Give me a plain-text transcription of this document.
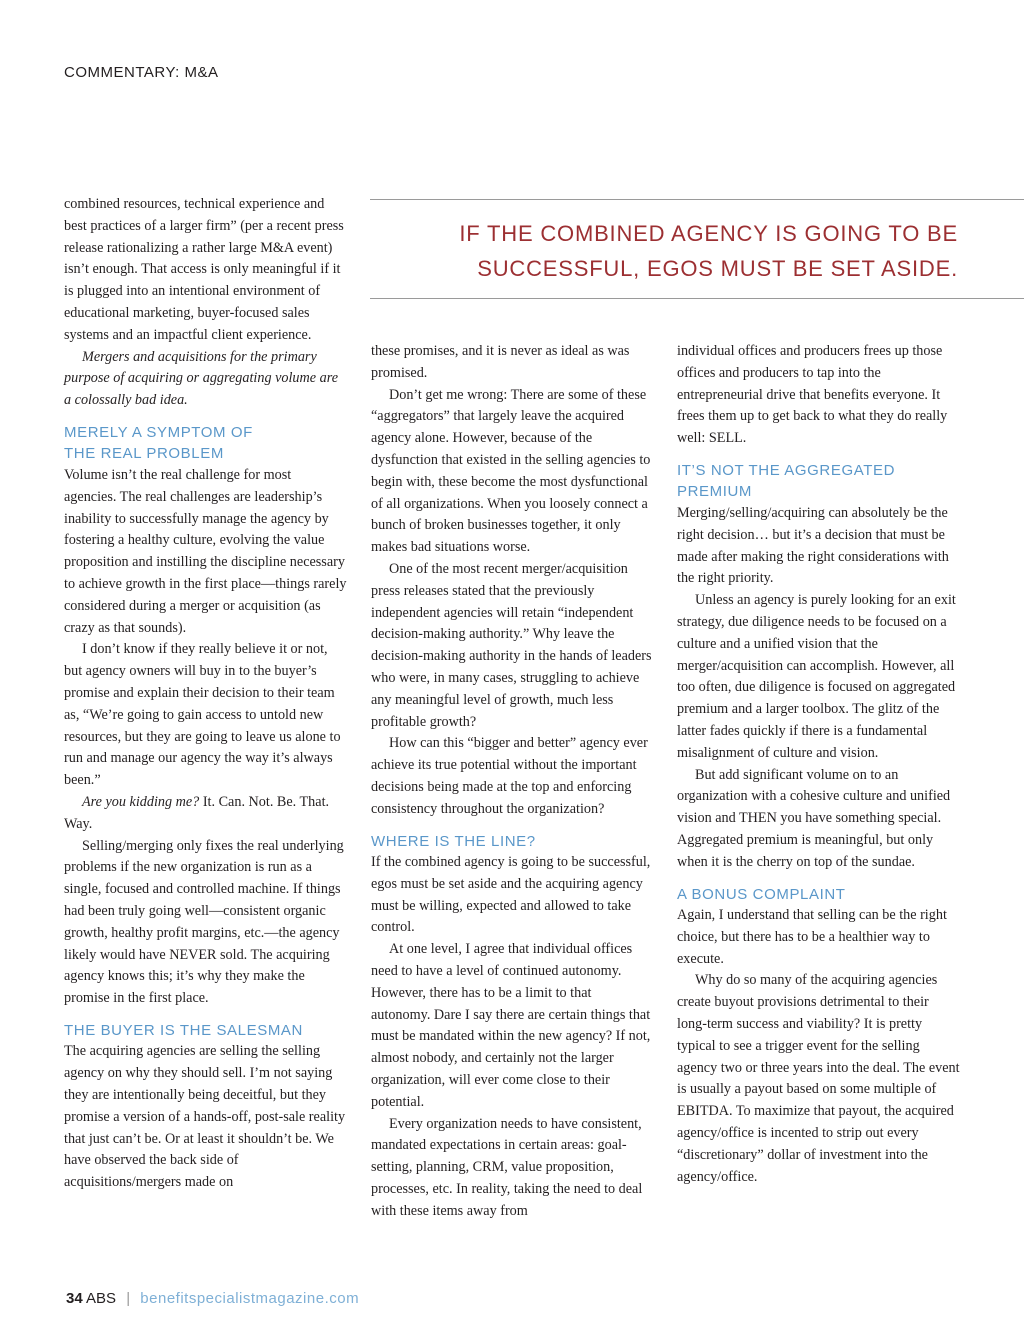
COMMENTARY: M&A
IF THE COMBINED AGENCY IS GOING TO BE
SUCCESSFUL, EGOS MUST BE SET ASIDE.

combined resources, technical experience and best practices of a larger firm” (per a recent press release rationalizing a rather large M&A event) isn’t enough. That access is only meaningful if it is plugged into an intentional environment of educational marketing, buyer-focused sales systems and an impactful client experience.

Mergers and acquisitions for the primary purpose of acquiring or aggregating volume are a colossally bad idea.

MERELY A SYMPTOM OF THE REAL PROBLEM

Volume isn’t the real challenge for most agencies. The real challenges are leadership’s inability to successfully manage the agency by fostering a healthy culture, evolving the value proposition and instilling the discipline necessary to achieve growth in the first place—things rarely considered during a merger or acquisition (as crazy as that sounds).

I don’t know if they really believe it or not, but agency owners will buy in to the buyer’s promise and explain their decision to their team as, “We’re going to gain access to untold new resources, but they are going to leave us alone to run and manage our agency the way it’s always been.”

Are you kidding me? It. Can. Not. Be. That. Way.

Selling/merging only fixes the real underlying problems if the new organization is run as a single, focused and controlled machine. If things had been truly going well—consistent organic growth, healthy profit margins, etc.—the agency likely would have NEVER sold. The acquiring agency knows this; it’s why they make the promise in the first place.

THE BUYER IS THE SALESMAN

The acquiring agencies are selling the selling agency on why they should sell. I’m not saying they are intentionally being deceitful, but they promise a version of a hands-off, post-sale reality that just can’t be. Or at least it shouldn’t be. We have observed the back side of acquisitions/mergers made on

these promises, and it is never as ideal as was promised.

Don’t get me wrong: There are some of these “aggregators” that largely leave the acquired agency alone. However, because of the dysfunction that existed in the selling agencies to begin with, these become the most dysfunctional of all organizations. When you loosely connect a bunch of broken businesses together, it only makes bad situations worse.

One of the most recent merger/acquisition press releases stated that the previously independent agencies will retain “independent decision-making authority.” Why leave the decision-making authority in the hands of leaders who were, in many cases, struggling to achieve any meaningful level of growth, much less profitable growth?

How can this “bigger and better” agency ever achieve its true potential without the important decisions being made at the top and enforcing consistency throughout the organization?

WHERE IS THE LINE?

If the combined agency is going to be successful, egos must be set aside and the acquiring agency must be willing, expected and allowed to take control.

At one level, I agree that individual offices need to have a level of continued autonomy. However, there has to be a limit to that autonomy. Dare I say there are certain things that must be mandated within the new agency? If not, almost nobody, and certainly not the larger organization, will ever come close to their potential.

Every organization needs to have consistent, mandated expectations in certain areas: goal-setting, planning, CRM, value proposition, processes, etc. In reality, taking the need to deal with these items away from

individual offices and producers frees up those offices and producers to tap into the entrepreneurial drive that benefits everyone. It frees them up to get back to what they do really well: SELL.

IT’S NOT THE AGGREGATED PREMIUM

Merging/selling/acquiring can absolutely be the right decision… but it’s a decision that must be made after making the right considerations with the right priority.

Unless an agency is purely looking for an exit strategy, due diligence needs to be focused on a culture and a unified vision that the merger/acquisition can accomplish. However, all too often, due diligence is focused on aggregated premium and a larger toolbox. The glitz of the latter fades quickly if there is a fundamental misalignment of culture and vision.

But add significant volume on to an organization with a cohesive culture and unified vision and THEN you have something special. Aggregated premium is meaningful, but only when it is the cherry on top of the sundae.

A BONUS COMPLAINT

Again, I understand that selling can be the right choice, but there has to be a healthier way to execute.

Why do so many of the acquiring agencies create buyout provisions detrimental to their long-term success and viability? It is pretty typical to see a trigger event for the selling agency two or three years into the deal. The event is usually a payout based on some multiple of EBITDA. To maximize that payout, the acquired agency/office is incented to strip out every “discretionary” dollar of investment into the agency/office.

34 ABS | benefitspecialistmagazine.com
